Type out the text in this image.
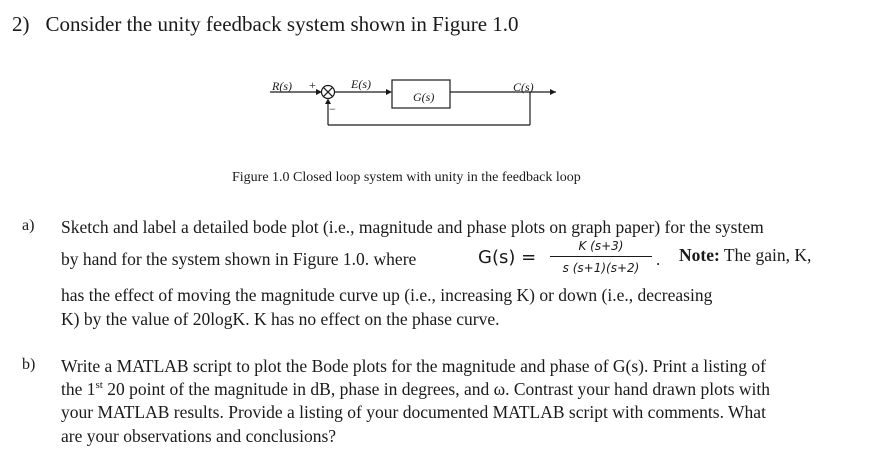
2) Consider the unity feedback system shown in Figure 1.0
R(s) +
−
E(s)
G(s)
C(s)
Figure 1.0 Closed loop system with unity in the feedback loop
a) Sketch and label a detailed bode plot (i.e., magnitude and phase plots on graph paper) for the system
by hand for the system shown in Figure 1.0. where	G(s) =
K (s+3)
s (s+1)(s+2) . Note: The gain, K,
has the effect of moving the magnitude curve up (i.e., increasing K) or down (i.e., decreasing
K) by the value of 20logK. K has no effect on the phase curve.
b) Write a MATLAB script to plot the Bode plots for the magnitude and phase of G(s). Print a listing of
the 1st 20 point of the magnitude in dB, phase in degrees, and ω. Contrast your hand drawn plots with
your MATLAB results. Provide a listing of your documented MATLAB script with comments. What
are your observations and conclusions?
